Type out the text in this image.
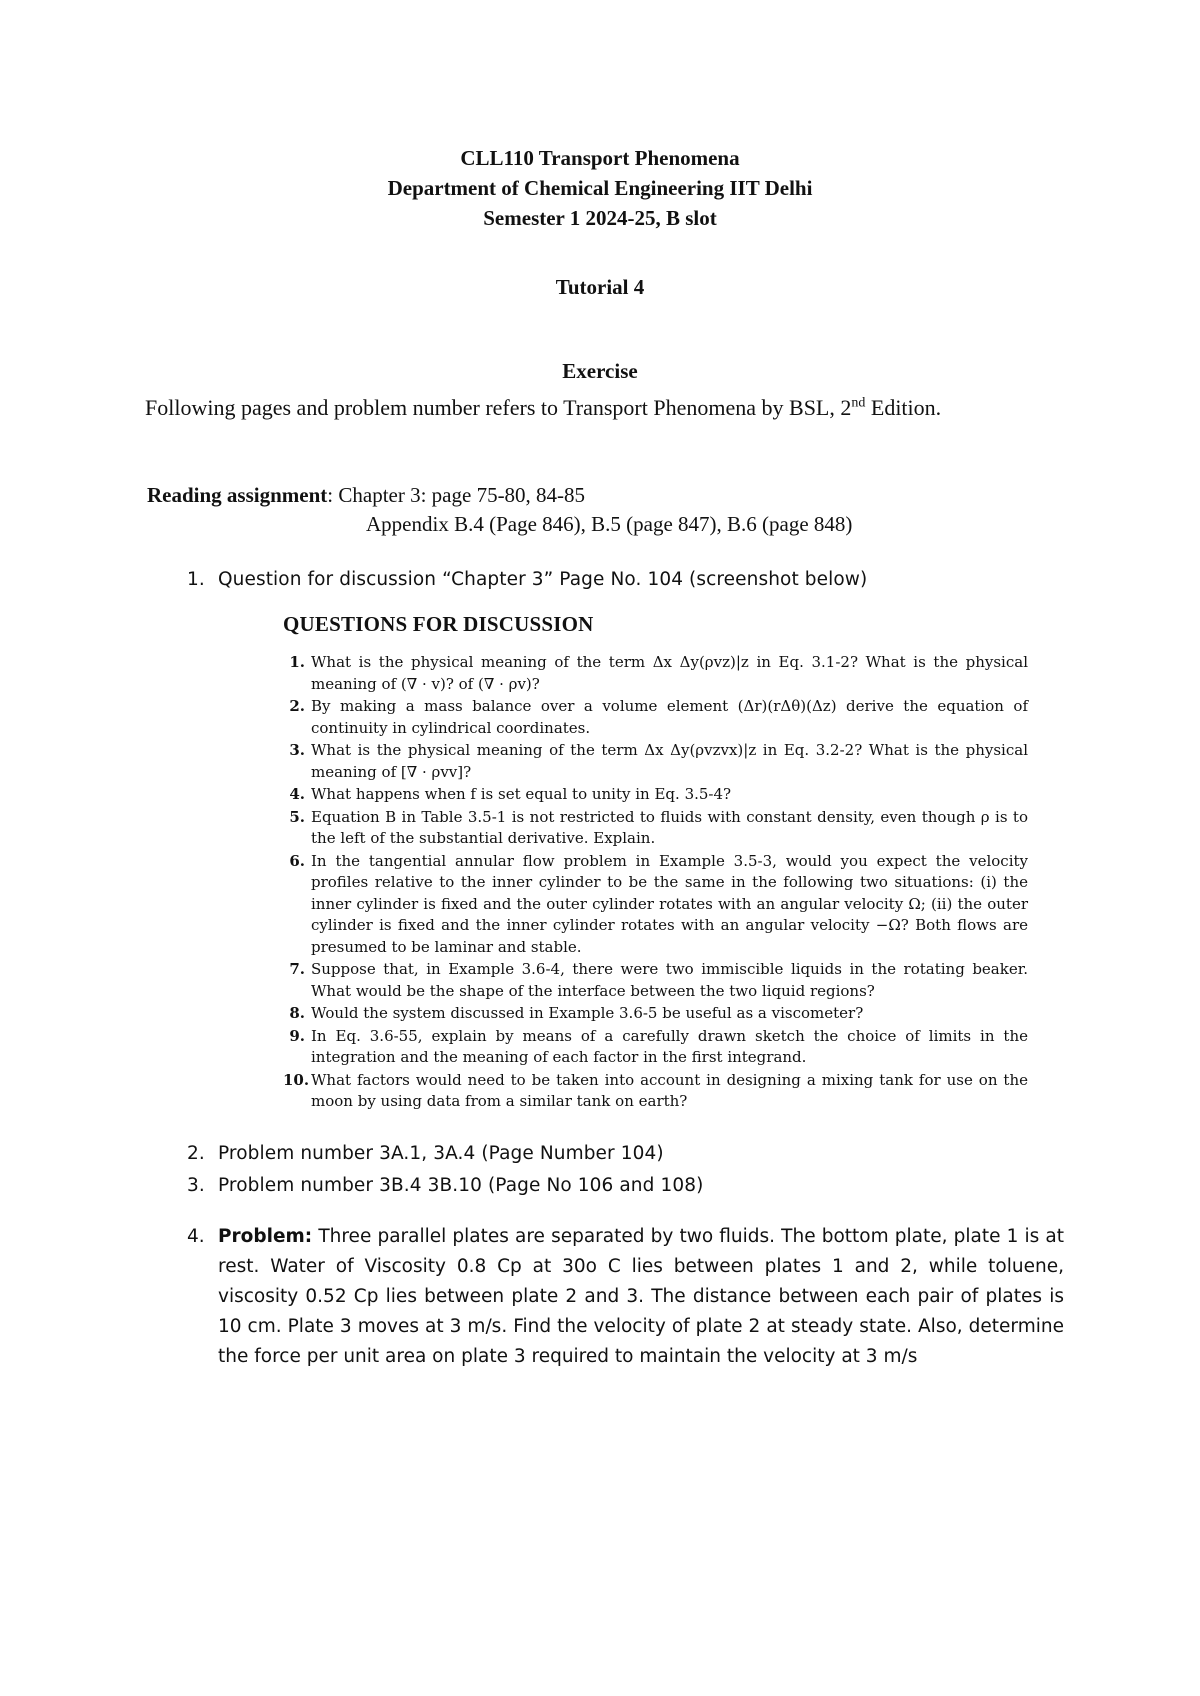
CLL110 Transport Phenomena
Department of Chemical Engineering IIT Delhi
Semester 1 2024-25, B slot
Tutorial 4
Exercise
Following pages and problem number refers to Transport Phenomena by BSL, 2nd Edition.
Reading assignment: Chapter 3: page 75-80, 84-85
Appendix B.4 (Page 846), B.5 (page 847), B.6 (page 848)
1. Question for discussion “Chapter 3” Page No. 104 (screenshot below)
QUESTIONS FOR DISCUSSION
1. What is the physical meaning of the term Δx Δy(ρvz)|z in Eq. 3.1-2? What is the physical meaning of (∇ · v)? of (∇ · ρv)?
2. By making a mass balance over a volume element (Δr)(rΔθ)(Δz) derive the equation of continuity in cylindrical coordinates.
3. What is the physical meaning of the term Δx Δy(ρvzvx)|z in Eq. 3.2-2? What is the physical meaning of [∇ · ρvv]?
4. What happens when f is set equal to unity in Eq. 3.5-4?
5. Equation B in Table 3.5-1 is not restricted to fluids with constant density, even though ρ is to the left of the substantial derivative. Explain.
6. In the tangential annular flow problem in Example 3.5-3, would you expect the velocity profiles relative to the inner cylinder to be the same in the following two situations: (i) the inner cylinder is fixed and the outer cylinder rotates with an angular velocity Ω; (ii) the outer cylinder is fixed and the inner cylinder rotates with an angular velocity −Ω? Both flows are presumed to be laminar and stable.
7. Suppose that, in Example 3.6-4, there were two immiscible liquids in the rotating beaker. What would be the shape of the interface between the two liquid regions?
8. Would the system discussed in Example 3.6-5 be useful as a viscometer?
9. In Eq. 3.6-55, explain by means of a carefully drawn sketch the choice of limits in the integration and the meaning of each factor in the first integrand.
10. What factors would need to be taken into account in designing a mixing tank for use on the moon by using data from a similar tank on earth?
2. Problem number 3A.1, 3A.4 (Page Number 104)
3. Problem number 3B.4 3B.10 (Page No 106 and 108)
4. Problem: Three parallel plates are separated by two fluids. The bottom plate, plate 1 is at rest. Water of Viscosity 0.8 Cp at 30o C lies between plates 1 and 2, while toluene, viscosity 0.52 Cp lies between plate 2 and 3. The distance between each pair of plates is 10 cm. Plate 3 moves at 3 m/s. Find the velocity of plate 2 at steady state. Also, determine the force per unit area on plate 3 required to maintain the velocity at 3 m/s
